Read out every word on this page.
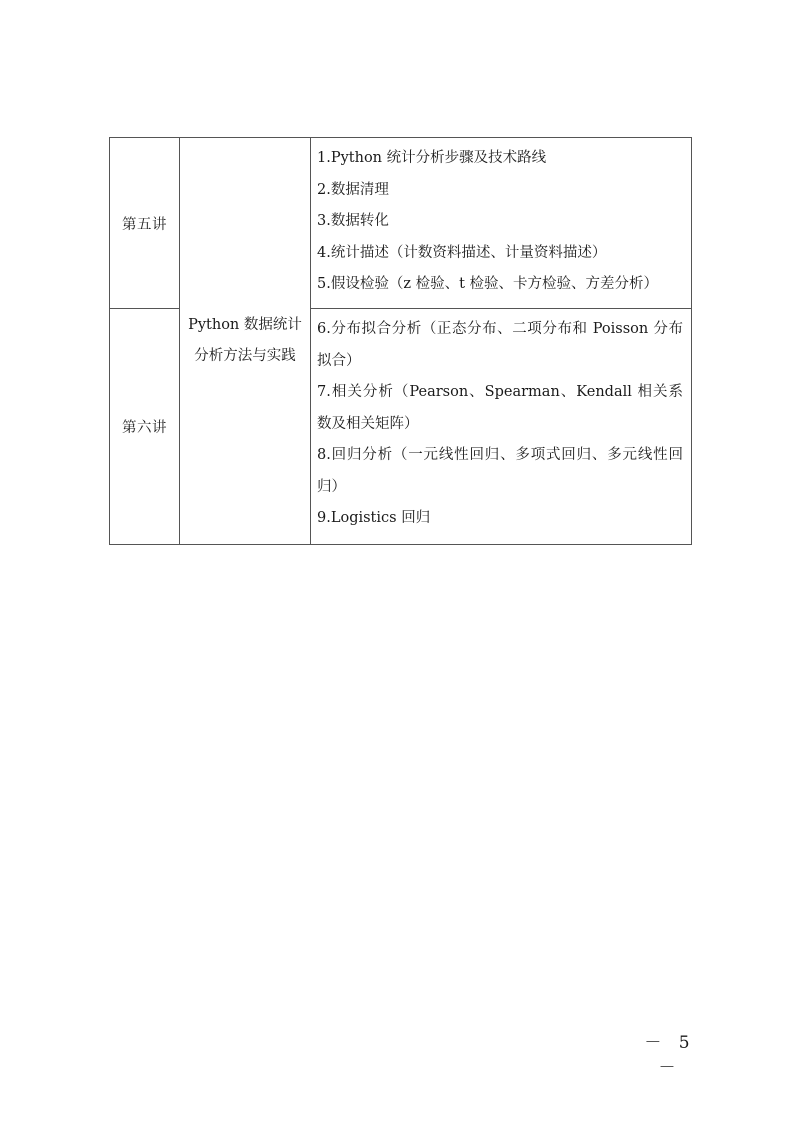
第五讲	Python 数据统计分析方法与实践	1.Python 统计分析步骤及技术路线
2.数据清理
3.数据转化
4.统计描述（计数资料描述、计量资料描述）
5.假设检验（z 检验、t 检验、卡方检验、方差分析）

第六讲		6.分布拟合分析（正态分布、二项分布和 Poisson 分布拟合）
7.相关分析（Pearson、Spearman、Kendall 相关系数及相关矩阵）
8.回归分析（一元线性回归、多项式回归、多元线性回归）
9.Logistics 回归
－ 5 －
